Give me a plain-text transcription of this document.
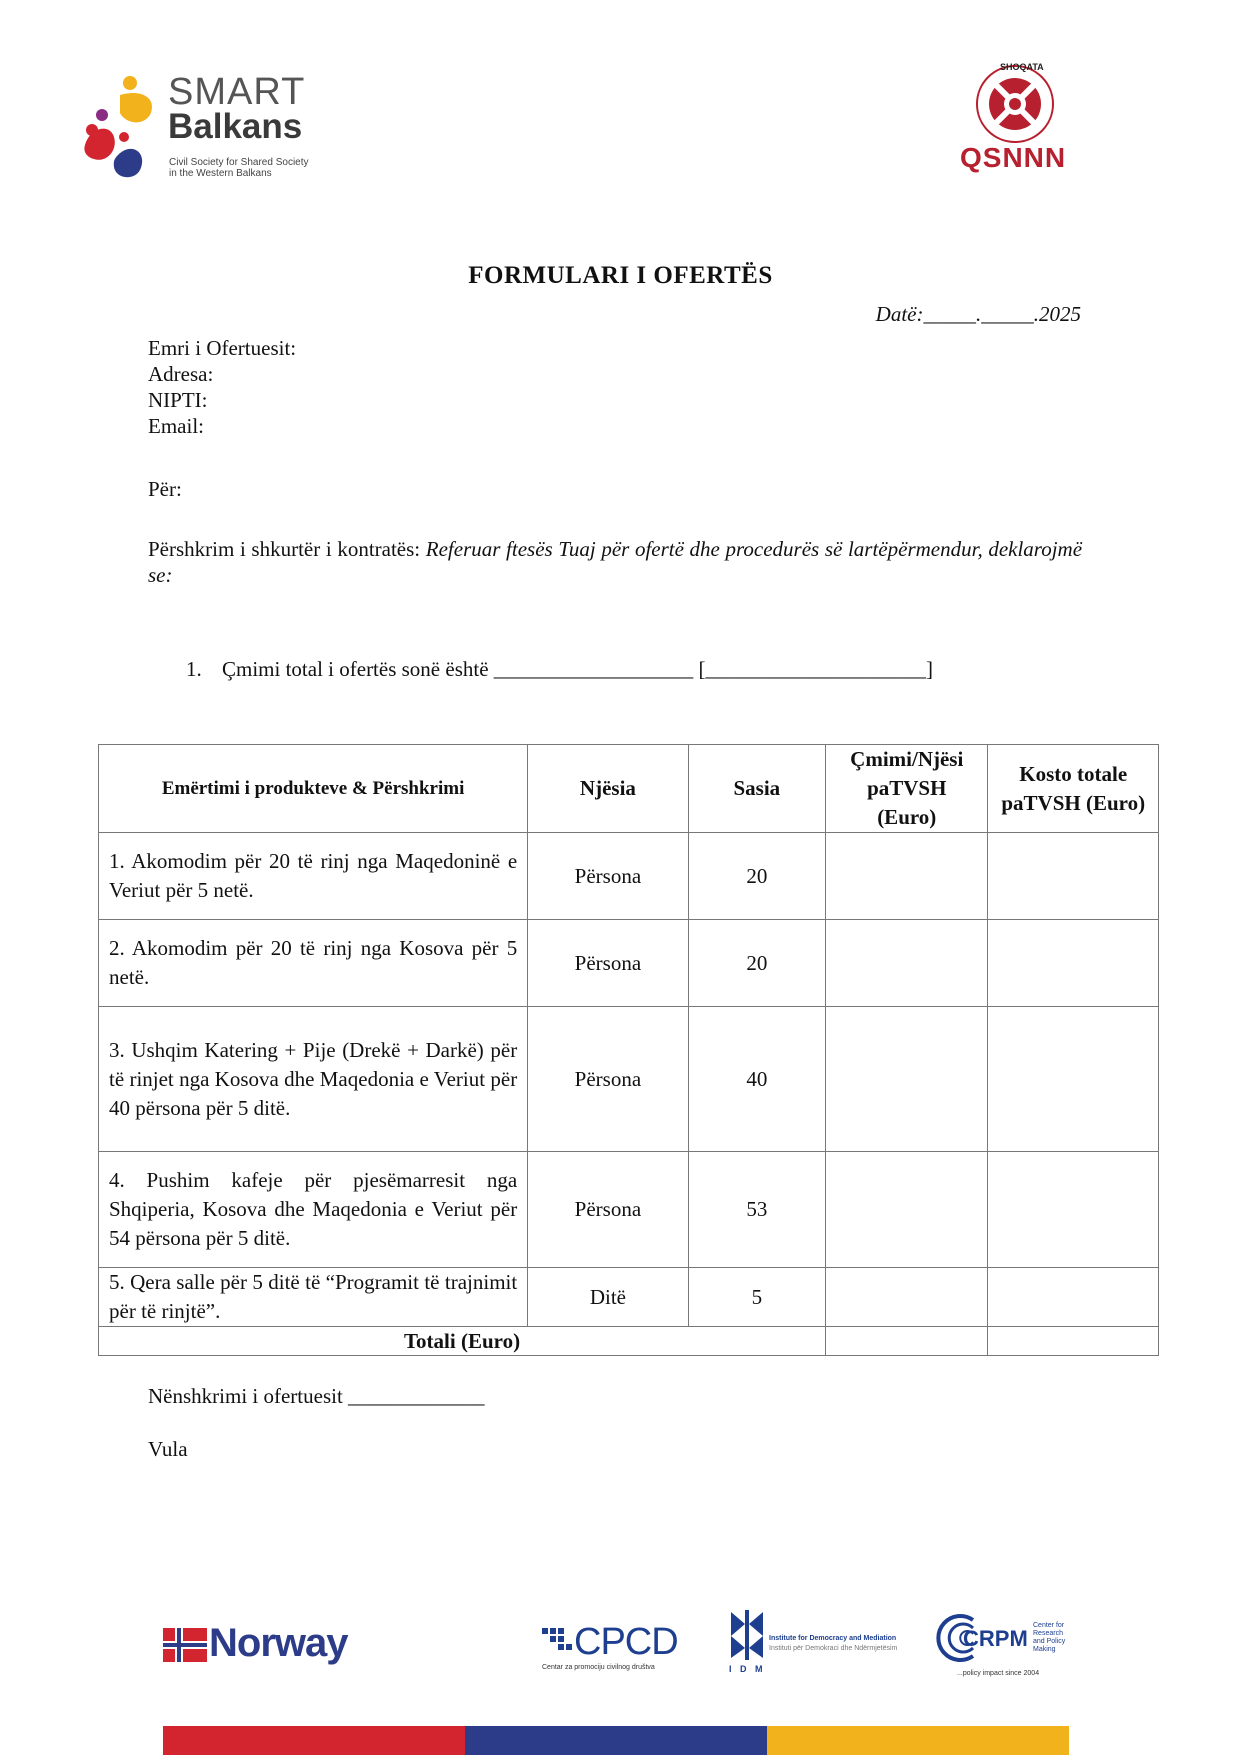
SMART
Balkans
Civil Society for Shared Society
in the Western Balkans
SHOQATA
QSNNN
FORMULARI I OFERTËS
Datë:_____._____.2025
Emri i Ofertuesit:
Adresa:
NIPTI:
Email:
Për:
Përshkrim i shkurtër i kontratës: Referuar ftesës Tuaj për ofertë dhe procedurës së lartëpërmendur, deklarojmë se:
1. Çmimi total i ofertës sonë është ___________________ [_____________________]
Emërtimi i produkteve & Përshkrimi	Njësia	Sasia	Çmimi/Njësi paTVSH (Euro)	Kosto totale paTVSH (Euro)
1. Akomodim për 20 të rinj nga Maqedoninë e Veriut për 5 netë.	Përsona	20		
2. Akomodim për 20 të rinj nga Kosova për 5 netë.	Përsona	20		
3. Ushqim Katering + Pije (Drekë + Darkë) për të rinjet nga Kosova dhe Maqedonia e Veriut për 40 përsona për 5 ditë.	Përsona	40		
4. Pushim kafeje për pjesëmarresit nga Shqiperia, Kosova dhe Maqedonia e Veriut për 54 përsona për 5 ditë.	Përsona	53		
5. Qera salle për 5 ditë të “Programit të trajnimit për të rinjtë”.	Ditë	5		
Totali (Euro)				
Nënshkrimi i ofertuesit _____________
Vula
Norway	CPCD
Centar za promociju civilnog društva	I D M
Institute for Democracy and Mediation
Instituti për Demokraci dhe Ndërmjetësim	CRPM
Center for Research and Policy Making
...policy impact since 2004
